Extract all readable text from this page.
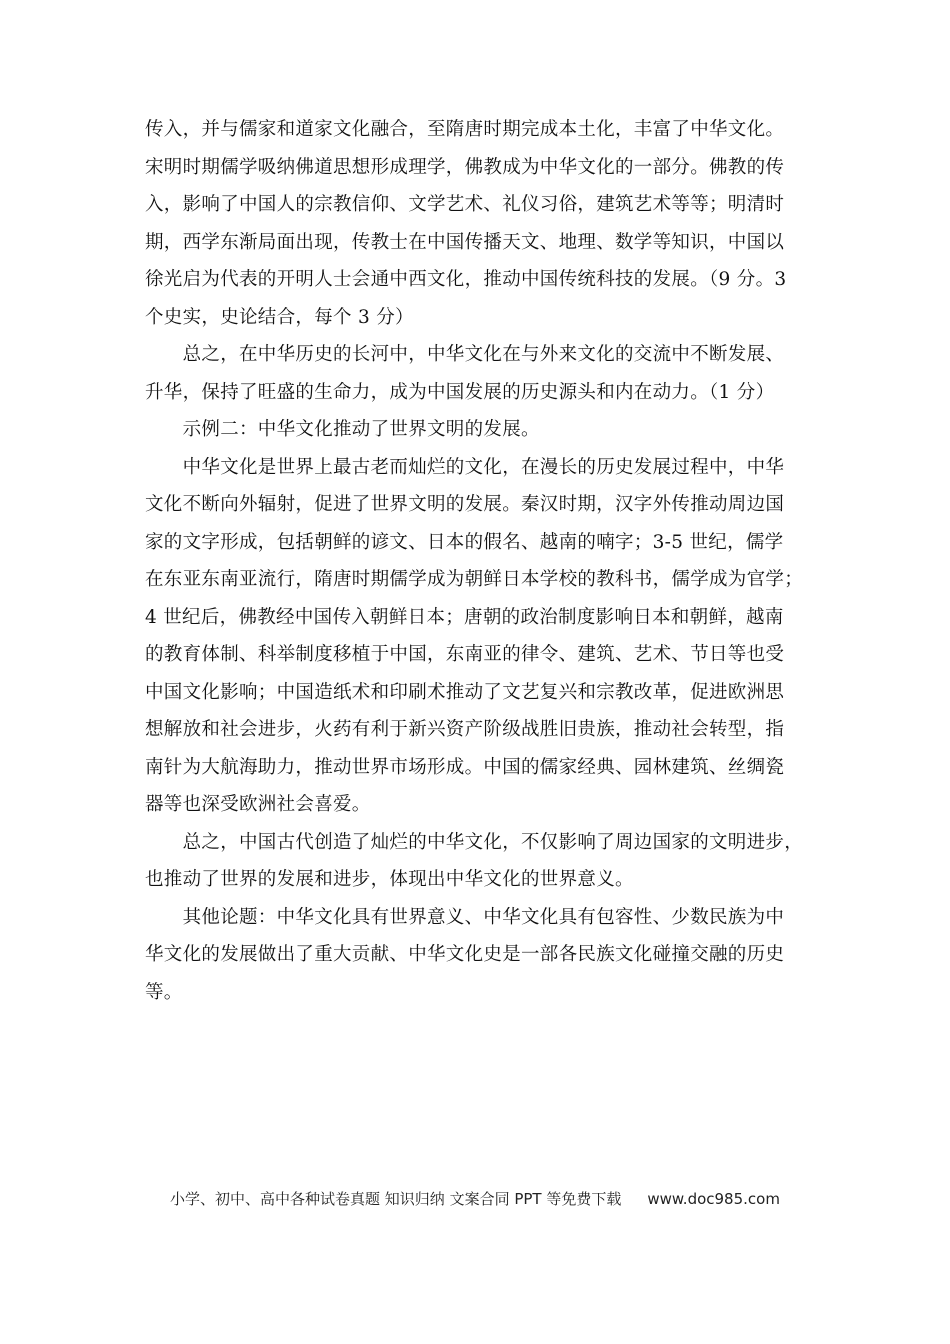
传入，并与儒家和道家文化融合，至隋唐时期完成本土化，丰富了中华文化。
宋明时期儒学吸纳佛道思想形成理学，佛教成为中华文化的一部分。佛教的传
入，影响了中国人的宗教信仰、文学艺术、礼仪习俗，建筑艺术等等；明清时
期，西学东渐局面出现，传教士在中国传播天文、地理、数学等知识，中国以
徐光启为代表的开明人士会通中西文化，推动中国传统科技的发展。（9 分。3
个史实，史论结合，每个 3 分）
　　总之，在中华历史的长河中，中华文化在与外来文化的交流中不断发展、
升华，保持了旺盛的生命力，成为中国发展的历史源头和内在动力。（1 分）
　　示例二：中华文化推动了世界文明的发展。
　　中华文化是世界上最古老而灿烂的文化，在漫长的历史发展过程中，中华
文化不断向外辐射，促进了世界文明的发展。秦汉时期，汉字外传推动周边国
家的文字形成，包括朝鲜的谚文、日本的假名、越南的喃字；3-5 世纪，儒学
在东亚东南亚流行，隋唐时期儒学成为朝鲜日本学校的教科书，儒学成为官学；
4 世纪后，佛教经中国传入朝鲜日本；唐朝的政治制度影响日本和朝鲜，越南
的教育体制、科举制度移植于中国，东南亚的律令、建筑、艺术、节日等也受
中国文化影响；中国造纸术和印刷术推动了文艺复兴和宗教改革，促进欧洲思
想解放和社会进步，火药有利于新兴资产阶级战胜旧贵族，推动社会转型，指
南针为大航海助力，推动世界市场形成。中国的儒家经典、园林建筑、丝绸瓷
器等也深受欧洲社会喜爱。
　　总之，中国古代创造了灿烂的中华文化，不仅影响了周边国家的文明进步，
也推动了世界的发展和进步，体现出中华文化的世界意义。
　　其他论题：中华文化具有世界意义、中华文化具有包容性、少数民族为中
华文化的发展做出了重大贡献、中华文化史是一部各民族文化碰撞交融的历史
等。
小学、初中、高中各种试卷真题 知识归纳 文案合同 PPT 等免费下载 www.doc985.com
